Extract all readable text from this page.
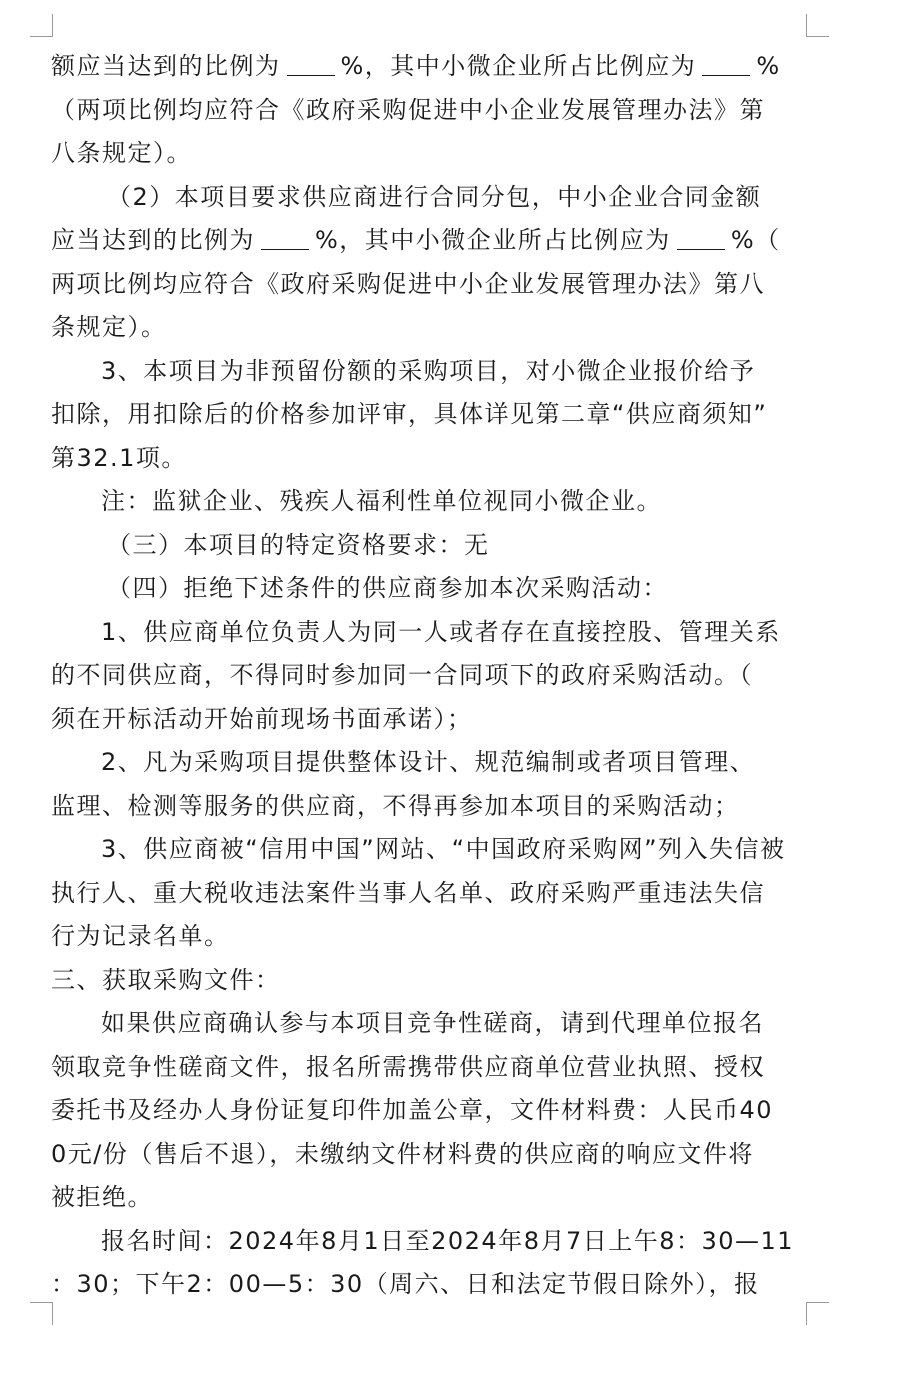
额应当达到的比例为	%，其中小微企业所占比例应为	%
（两项比例均应符合《政府采购促进中小企业发展管理办法》第
八条规定）。
（2）本项目要求供应商进行合同分包，中小企业合同金额
应当达到的比例为	%，其中小微企业所占比例应为	%（
两项比例均应符合《政府采购促进中小企业发展管理办法》第八
条规定）。
3、本项目为非预留份额的采购项目，对小微企业报价给予
扣除，用扣除后的价格参加评审，具体详见第二章“供应商须知”
第32.1项。
注：监狱企业、残疾人福利性单位视同小微企业。
（三）本项目的特定资格要求：无
（四）拒绝下述条件的供应商参加本次采购活动：
1、供应商单位负责人为同一人或者存在直接控股、管理关系
的不同供应商，不得同时参加同一合同项下的政府采购活动。（
须在开标活动开始前现场书面承诺）；
2、凡为采购项目提供整体设计、规范编制或者项目管理、
监理、检测等服务的供应商，不得再参加本项目的采购活动；
3、供应商被“信用中国”网站、“中国政府采购网”列入失信被
执行人、重大税收违法案件当事人名单、政府采购严重违法失信
行为记录名单。
三、获取采购文件：
如果供应商确认参与本项目竞争性磋商，请到代理单位报名
领取竞争性磋商文件，报名所需携带供应商单位营业执照、授权
委托书及经办人身份证复印件加盖公章，文件材料费：人民币40
0元/份（售后不退），未缴纳文件材料费的供应商的响应文件将
被拒绝。
报名时间：2024年8月1日至2024年8月7日上午8：30—11
：30；下午2：00—5：30（周六、日和法定节假日除外），报
